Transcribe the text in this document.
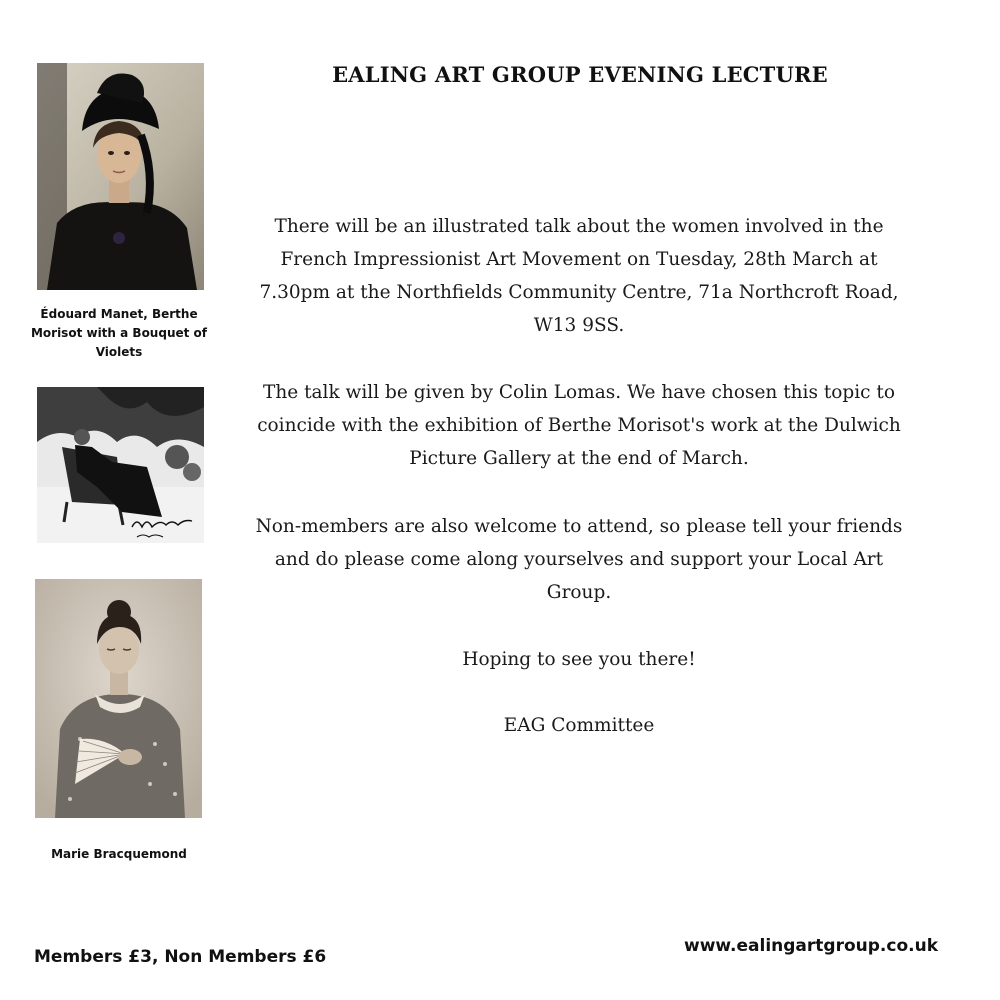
Édouard Manet, Berthe Morisot with a Bouquet of Violets
Marie Bracquemond
EALING ART GROUP EVENING LECTURE

There will be an illustrated talk about the women involved in the French Impressionist Art Movement on Tuesday, 28th March at 7.30pm at the Northfields Community Centre, 71a Northcroft Road, W13 9SS.

The talk will be given by Colin Lomas. We have chosen this topic to coincide with the exhibition of Berthe Morisot's work at the Dulwich Picture Gallery at the end of March.

Non-members are also welcome to attend, so please tell your friends and do please come along yourselves and support your Local Art Group.

Hoping to see you there!

EAG Committee

Members £3, Non Members £6
www.ealingartgroup.co.uk
